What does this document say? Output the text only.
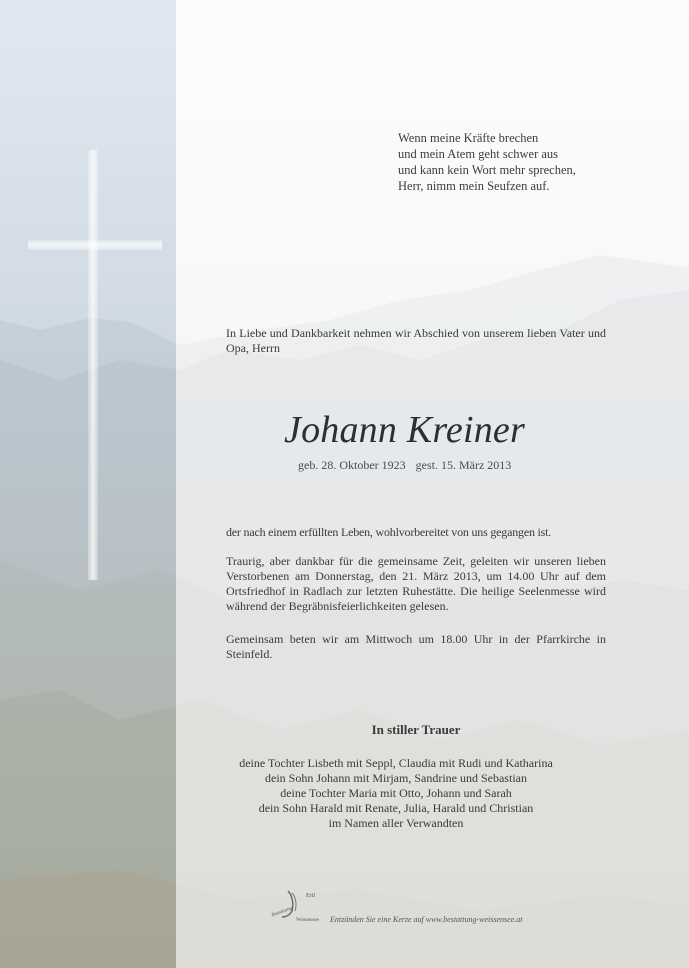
Wenn meine Kräfte brechen
und mein Atem geht schwer aus
und kann kein Wort mehr sprechen,
Herr, nimm mein Seufzen auf.
In Liebe und Dankbarkeit nehmen wir Abschied von unserem lieben Vater und Opa, Herrn
Johann Kreiner
geb. 28. Oktober 1923 gest. 15. März 2013
der nach einem erfüllten Leben, wohlvorbereitet von uns gegangen ist.
Traurig, aber dankbar für die gemeinsame Zeit, geleiten wir unseren lieben Verstorbenen am Donnerstag, den 21. März 2013, um 14.00 Uhr auf dem Ortsfriedhof in Radlach zur letzten Ruhestätte. Die heilige Seelenmesse wird während der Begräbnisfeierlichkeiten gelesen.
Gemeinsam beten wir am Mittwoch um 18.00 Uhr in der Pfarrkirche in Steinfeld.
In stiller Trauer
deine Tochter Lisbeth mit Seppl, Claudia mit Rudi und Katharina
dein Sohn Johann mit Mirjam, Sandrine und Sebastian
deine Tochter Maria mit Otto, Johann und Sarah
dein Sohn Harald mit Renate, Julia, Harald und Christian
im Namen aller Verwandten
Ertl
Bestattung
Weissensee Entzünden Sie eine Kerze auf www.bestattung-weissensee.at
